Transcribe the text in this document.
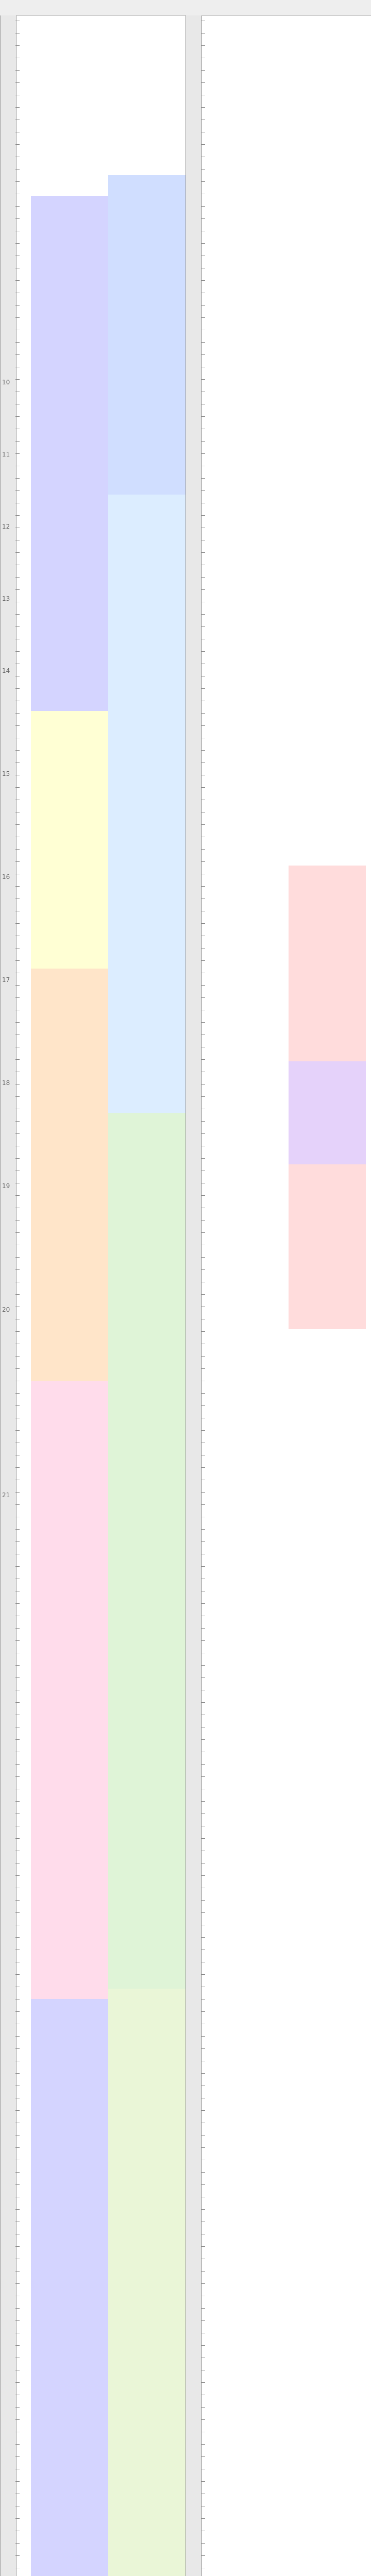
10
11
12
13
14
15
16
17
18
19
20
21
